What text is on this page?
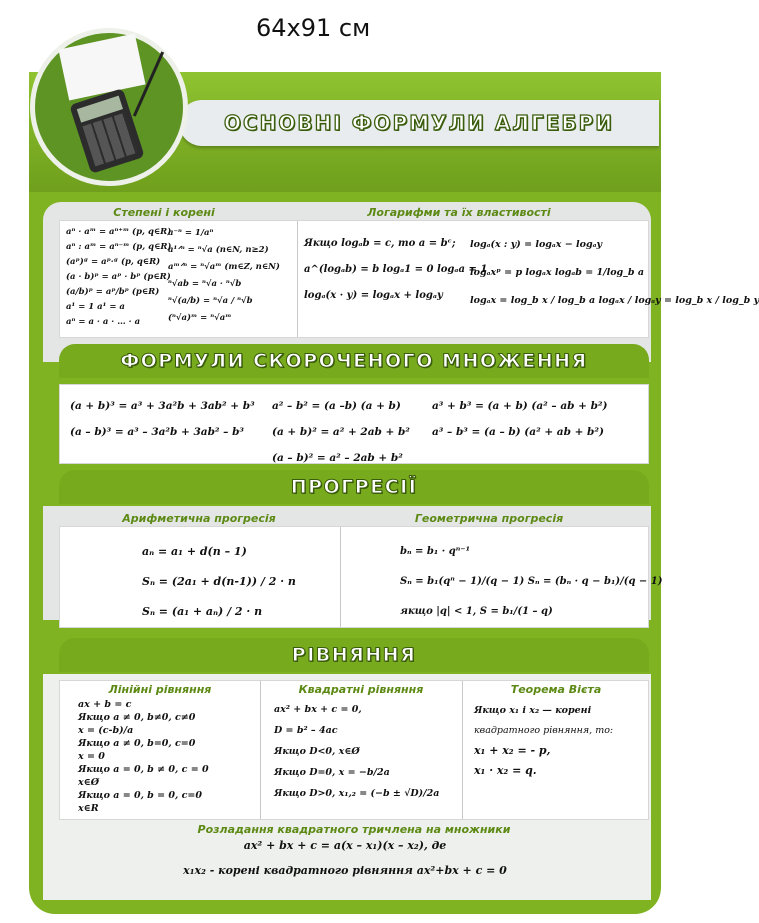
64x91 см
ОСНОВНІ ФОРМУЛИ АЛГЕБРИ
Степені і корені	Логарифми та їх властивості
aⁿ · aᵐ = aⁿ⁺ᵐ (p, q∈R)
aⁿ : aᵐ = aⁿ⁻ᵐ (p, q∈R)
(aᵖ)ᵍ = aᵖ·ᵍ (p, q∈R)
(a · b)ᵖ = aᵖ · bᵖ (p∈R)
(a/b)ᵖ = aᵖ/bᵖ (p∈R)
a¹ = 1 a¹ = a
aⁿ = a · a · … · a
a⁻ⁿ = 1/aⁿ
a¹ᐟⁿ = ⁿ√a (n∈N, n≥2)
aᵐᐟⁿ = ⁿ√aᵐ (m∈Z, n∈N)
ⁿ√ab = ⁿ√a · ⁿ√b
ⁿ√(a/b) = ⁿ√a / ⁿ√b
(ⁿ√a)ᵐ = ⁿ√aᵐ
Якщо logₐb = c, то a = bᶜ;
a^(logₐb) = b logₐ1 = 0 logₐa = 1
logₐ(x · y) = logₐx + logₐy
logₐ(x : y) = logₐx − logₐy
logₐxᵖ = p logₐx logₐb = 1/log_b a
logₐx = log_b x / log_b a logₐx / logₐy = log_b x / log_b y
ФОРМУЛИ СКОРОЧЕНОГО МНОЖЕННЯ
(a + b)³ = a³ + 3a²b + 3ab² + b³
(a – b)³ = a³ – 3a²b + 3ab² – b³
a² – b² = (a –b) (a + b)
(a + b)² = a² + 2ab + b²
(a – b)² = a² – 2ab + b²
a³ + b³ = (a + b) (a² – ab + b²)
a³ – b³ = (a – b) (a² + ab + b²)
ПРОГРЕСІЇ
Арифметична прогресія	Геометрична прогресія
aₙ = a₁ + d(n – 1)
Sₙ = (2a₁ + d(n-1)) / 2 · n
Sₙ = (a₁ + aₙ) / 2 · n
bₙ = b₁ · qⁿ⁻¹
Sₙ = b₁(qⁿ − 1)/(q − 1) Sₙ = (bₙ · q − b₁)/(q − 1)
якщо |q| < 1, S = b₁/(1 – q)
РІВНЯННЯ
Лінійні рівняння
ax + b = c
Якщо a ≠ 0, b≠0, c≠0
x = (c-b)/a
Якщо a ≠ 0, b=0, c=0
x = 0
Якщо a = 0, b ≠ 0, c = 0
x∈Ø
Якщо a = 0, b = 0, c=0
x∈R
Квадратні рівняння
ax² + bx + c = 0,
D = b² – 4ac
Якщо D<0, x∈Ø
Якщо D=0, x = −b/2a
Якщо D>0, x₁,₂ = (−b ± √D)/2a
Теорема Вієта
Якщо x₁ і x₂ — корені
квадратного рівняння, то:
x₁ + x₂ = - p,
x₁ · x₂ = q.
Розладання квадратного тричлена на множники
ax² + bx + c = a(x – x₁)(x – x₂), де
x₁x₂ - корені квадратного рівняння ax²+bx + c = 0
